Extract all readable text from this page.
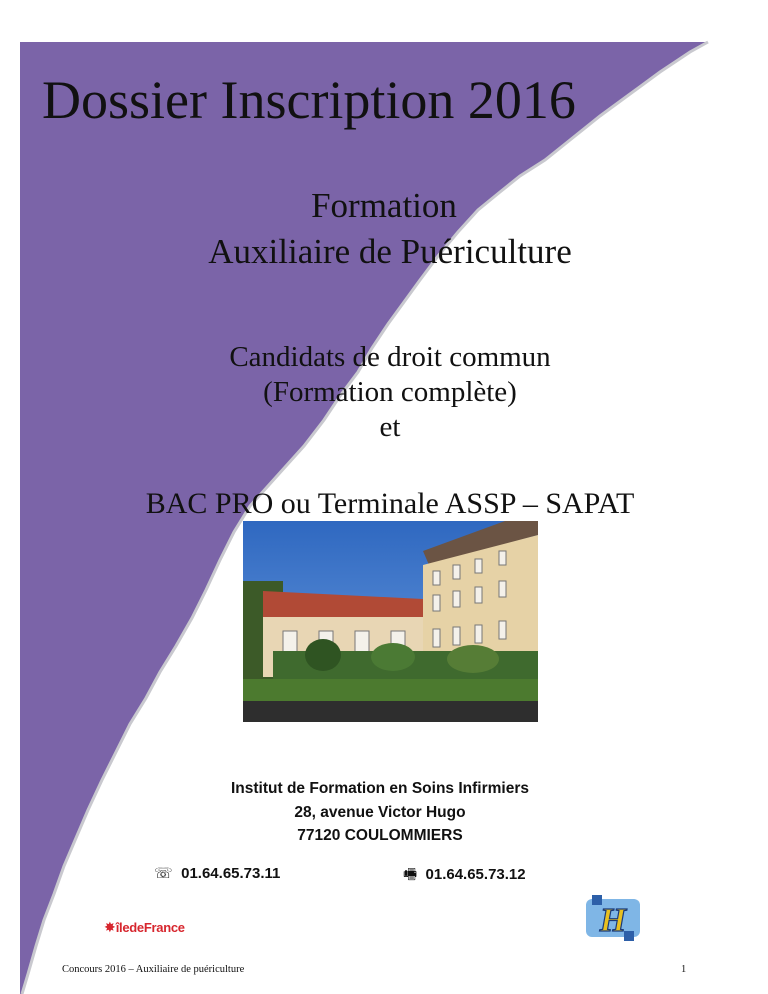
Dossier Inscription 2016
Formation
Auxiliaire de Puériculture
Candidats de droit commun
(Formation complète)
et
BAC PRO ou Terminale ASSP – SAPAT
Institut de Formation en Soins Infirmiers
28, avenue Victor Hugo
77120 COULOMMIERS
☏ 01.64.65.73.11	🖷 01.64.65.73.12
✸îledeFrance	H
Concours 2016 – Auxiliaire de puériculture	1
